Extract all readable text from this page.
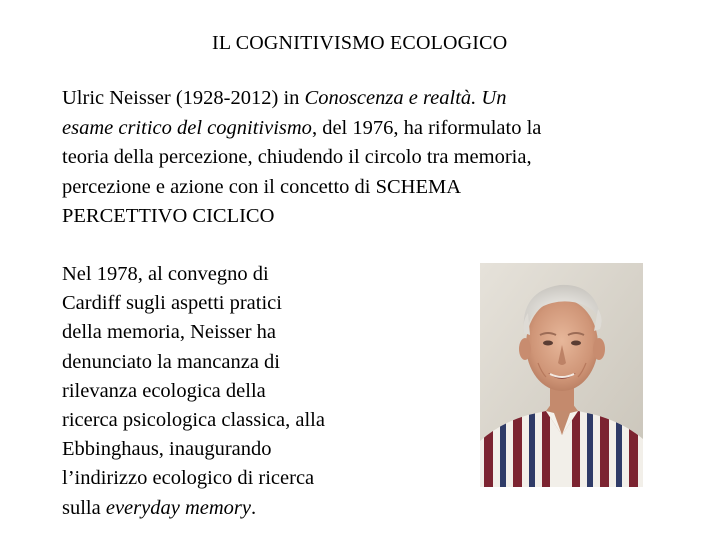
IL COGNITIVISMO ECOLOGICO
Ulric Neisser (1928-2012) in Conoscenza e realtà. Un
esame critico del cognitivismo, del 1976, ha riformulato la
teoria della percezione, chiudendo il circolo tra memoria,
percezione e azione con il concetto di SCHEMA
PERCETTIVO CICLICO
Nel 1978, al convegno di
Cardiff sugli aspetti pratici
della memoria, Neisser ha
denunciato la mancanza di
rilevanza ecologica della
ricerca psicologica classica, alla
Ebbinghaus, inaugurando
l’indirizzo ecologico di ricerca
sulla everyday memory.
